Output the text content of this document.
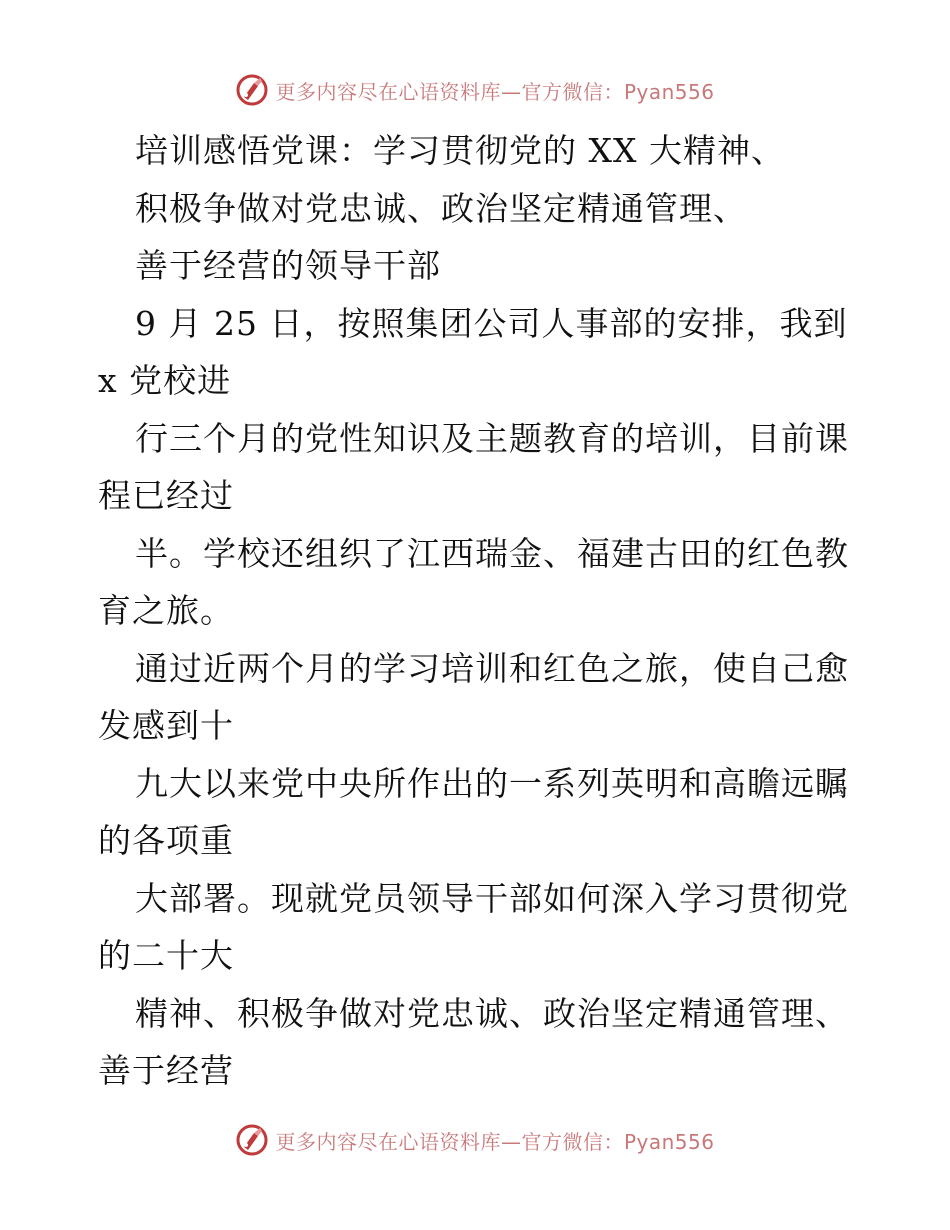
更多内容尽在心语资料库—官方微信：Pyan556
培训感悟党课：学习贯彻党的 XX 大精神、
积极争做对党忠诚、政治坚定精通管理、
善于经营的领导干部
9 月 25 日，按照集团公司人事部的安排，我到
x 党校进
行三个月的党性知识及主题教育的培训，目前课
程已经过
半。学校还组织了江西瑞金、福建古田的红色教
育之旅。
通过近两个月的学习培训和红色之旅，使自己愈
发感到十
九大以来党中央所作出的一系列英明和高瞻远瞩
的各项重
大部署。现就党员领导干部如何深入学习贯彻党
的二十大
精神、积极争做对党忠诚、政治坚定精通管理、
善于经营
更多内容尽在心语资料库—官方微信：Pyan556
